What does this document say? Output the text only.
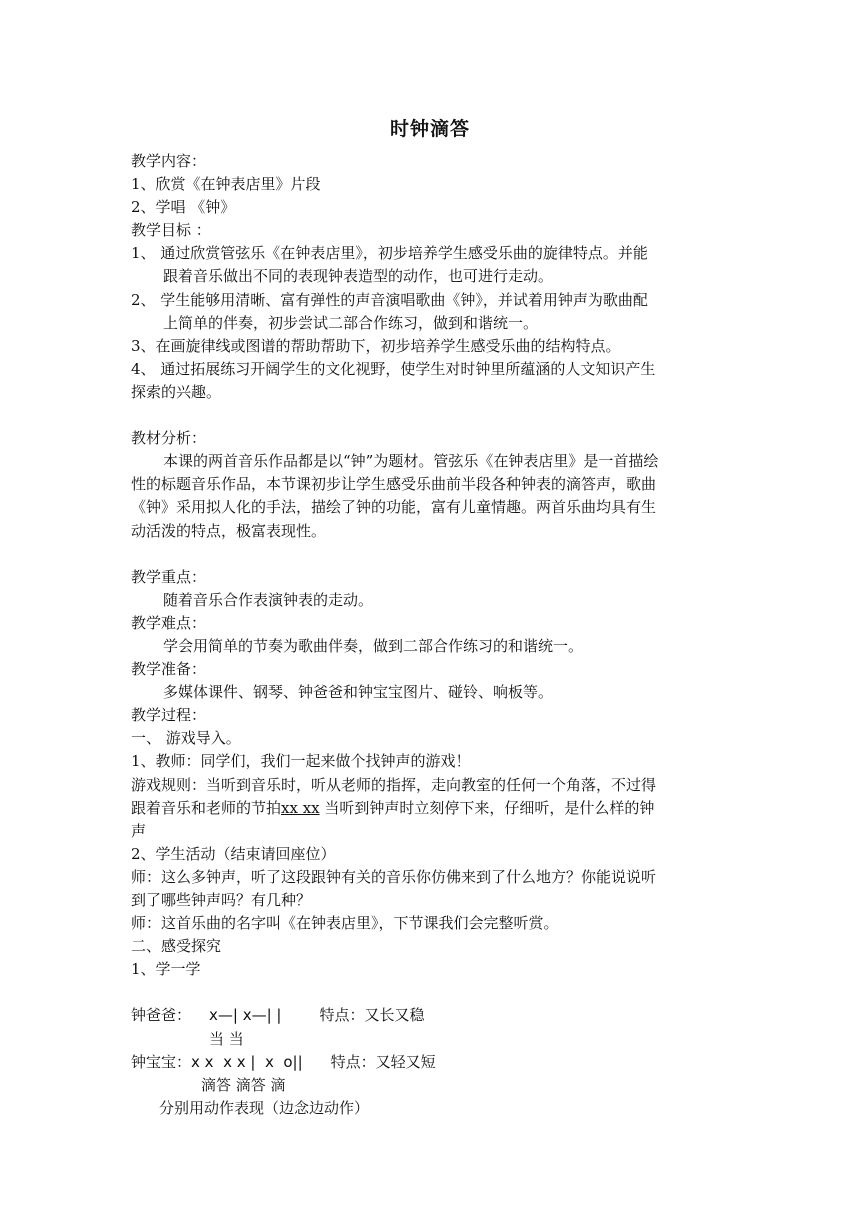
时钟滴答
教学内容：
1、欣赏《在钟表店里》片段
2、学唱 《钟》
教学目标 ：
1、 通过欣赏管弦乐《在钟表店里》，初步培养学生感受乐曲的旋律特点。并能
跟着音乐做出不同的表现钟表造型的动作，也可进行走动。
2、 学生能够用清晰、富有弹性的声音演唱歌曲《钟》，并试着用钟声为歌曲配
上简单的伴奏，初步尝试二部合作练习，做到和谐统一。
3、在画旋律线或图谱的帮助帮助下，初步培养学生感受乐曲的结构特点。
4、 通过拓展练习开阔学生的文化视野，使学生对时钟里所蕴涵的人文知识产生
探索的兴趣。
教材分析：
本课的两首音乐作品都是以“钟”为题材。管弦乐《在钟表店里》是一首描绘
性的标题音乐作品，本节课初步让学生感受乐曲前半段各种钟表的滴答声，歌曲
《钟》采用拟人化的手法，描绘了钟的功能，富有儿童情趣。两首乐曲均具有生
动活泼的特点，极富表现性。
教学重点：
随着音乐合作表演钟表的走动。
教学难点：
学会用简单的节奏为歌曲伴奏，做到二部合作练习的和谐统一。
教学准备：
多媒体课件、钢琴、钟爸爸和钟宝宝图片、碰铃、响板等。
教学过程：
一、 游戏导入。
1、教师：同学们，我们一起来做个找钟声的游戏！
游戏规则：当听到音乐时，听从老师的指挥，走向教室的任何一个角落，不过得
跟着音乐和老师的节拍xx xx 当听到钟声时立刻停下来，仔细听，是什么样的钟
声
2、学生活动（结束请回座位）
师：这么多钟声，听了这段跟钟有关的音乐你仿佛来到了什么地方？你能说说听
到了哪些钟声吗？有几种？
师：这首乐曲的名字叫《在钟表店里》，下节课我们会完整听赏。
二、感受探究
1、学一学
钟爸爸： x—| x—| |	特点：又长又稳
当 当
钟宝宝：x x  x x |  x  o|| 特点：又轻又短
滴答 滴答 滴
分别用动作表现（边念边动作）
